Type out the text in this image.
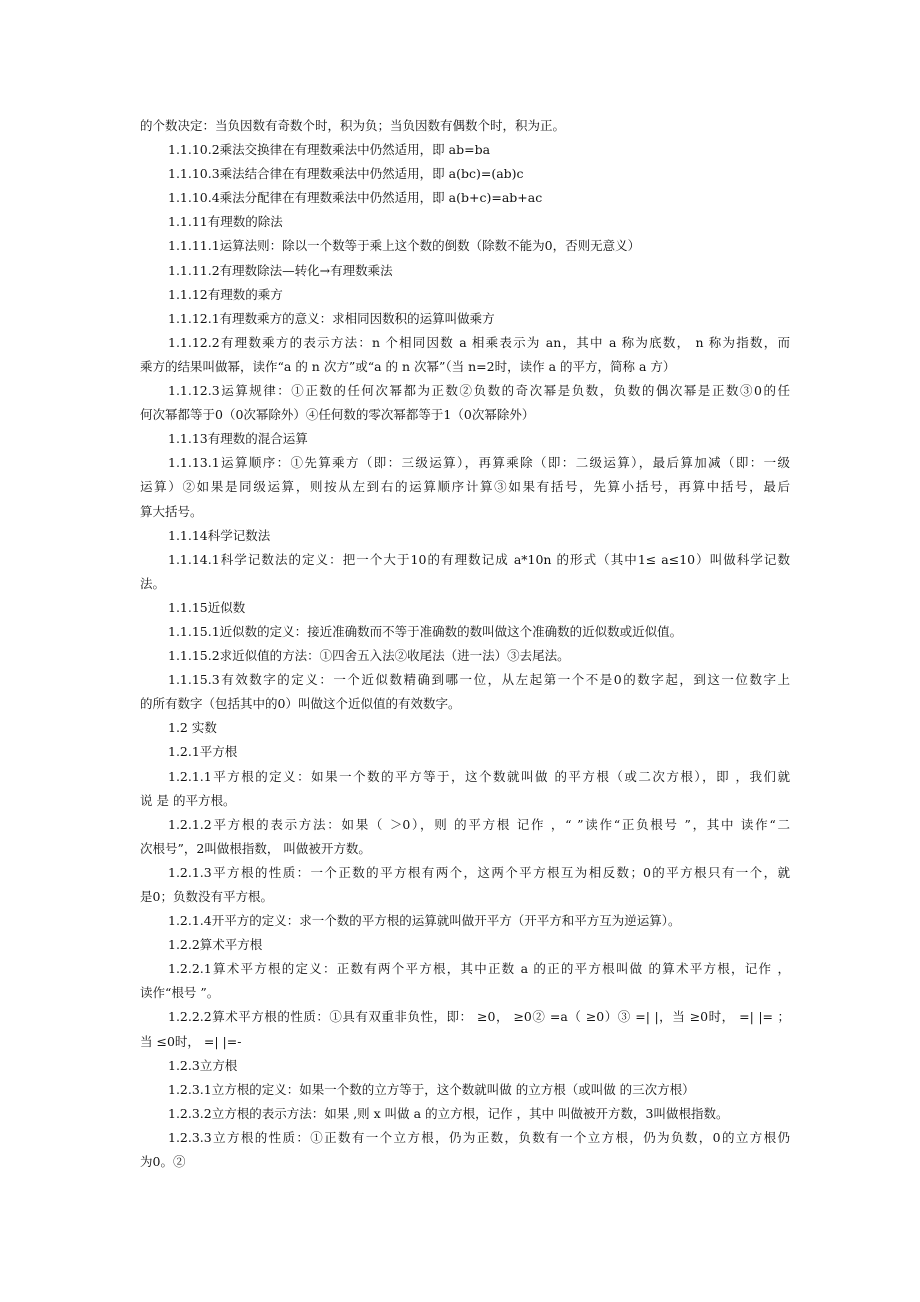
的个数决定：当负因数有奇数个时，积为负；当负因数有偶数个时，积为正。
1.1.10.2乘法交换律在有理数乘法中仍然适用，即 ab=ba
1.1.10.3乘法结合律在有理数乘法中仍然适用，即 a(bc)=(ab)c
1.1.10.4乘法分配律在有理数乘法中仍然适用，即 a(b+c)=ab+ac
1.1.11有理数的除法
1.1.11.1运算法则：除以一个数等于乘上这个数的倒数（除数不能为0，否则无意义）
1.1.11.2有理数除法—转化→有理数乘法
1.1.12有理数的乘方
1.1.12.1有理数乘方的意义：求相同因数积的运算叫做乘方
1.1.12.2有理数乘方的表示方法：n 个相同因数 a 相乘表示为 an，其中 a 称为底数， n 称为指数，而
乘方的结果叫做幂，读作“a 的 n 次方”或“a 的 n 次幂”（当 n=2时，读作 a 的平方，简称 a 方）
1.1.12.3运算规律：①正数的任何次幂都为正数②负数的奇次幂是负数，负数的偶次幂是正数③0的任
何次幂都等于0（0次幂除外）④任何数的零次幂都等于1（0次幂除外）
1.1.13有理数的混合运算
1.1.13.1运算顺序：①先算乘方（即：三级运算），再算乘除（即：二级运算），最后算加减（即：一级
运算）②如果是同级运算，则按从左到右的运算顺序计算③如果有括号，先算小括号，再算中括号，最后
算大括号。
1.1.14科学记数法
1.1.14.1科学记数法的定义：把一个大于10的有理数记成 a*10n 的形式（其中1≤ a≤10）叫做科学记数
法。
1.1.15近似数
1.1.15.1近似数的定义：接近准确数而不等于准确数的数叫做这个准确数的近似数或近似值。
1.1.15.2求近似值的方法：①四舍五入法②收尾法（进一法）③去尾法。
1.1.15.3有效数字的定义：一个近似数精确到哪一位，从左起第一个不是0的数字起，到这一位数字上
的所有数字（包括其中的0）叫做这个近似值的有效数字。
1.2 实数
1.2.1平方根
1.2.1.1平方根的定义：如果一个数的平方等于，这个数就叫做 的平方根（或二次方根），即 ，我们就
说 是 的平方根。
1.2.1.2平方根的表示方法：如果（ ＞0），则 的平方根 记作 ，“ ”读作“正负根号 ”，其中 读作“二
次根号”，2叫做根指数， 叫做被开方数。
1.2.1.3平方根的性质：一个正数的平方根有两个，这两个平方根互为相反数；0的平方根只有一个，就
是0；负数没有平方根。
1.2.1.4开平方的定义：求一个数的平方根的运算就叫做开平方（开平方和平方互为逆运算）。
1.2.2算术平方根
1.2.2.1算术平方根的定义：正数有两个平方根，其中正数 a 的正的平方根叫做 的算术平方根，记作 ，
读作“根号 ”。
1.2.2.2算术平方根的性质：①具有双重非负性，即： ≥0， ≥0② =a（ ≥0）③ =| |，当 ≥0时， =| |= ；
当 ≤0时， =| |=-
1.2.3立方根
1.2.3.1立方根的定义：如果一个数的立方等于，这个数就叫做 的立方根（或叫做 的三次方根）
1.2.3.2立方根的表示方法：如果 ,则 x 叫做 a 的立方根，记作 ，其中 叫做被开方数，3叫做根指数。
1.2.3.3立方根的性质：①正数有一个立方根，仍为正数，负数有一个立方根，仍为负数，0的立方根仍
为0。②
